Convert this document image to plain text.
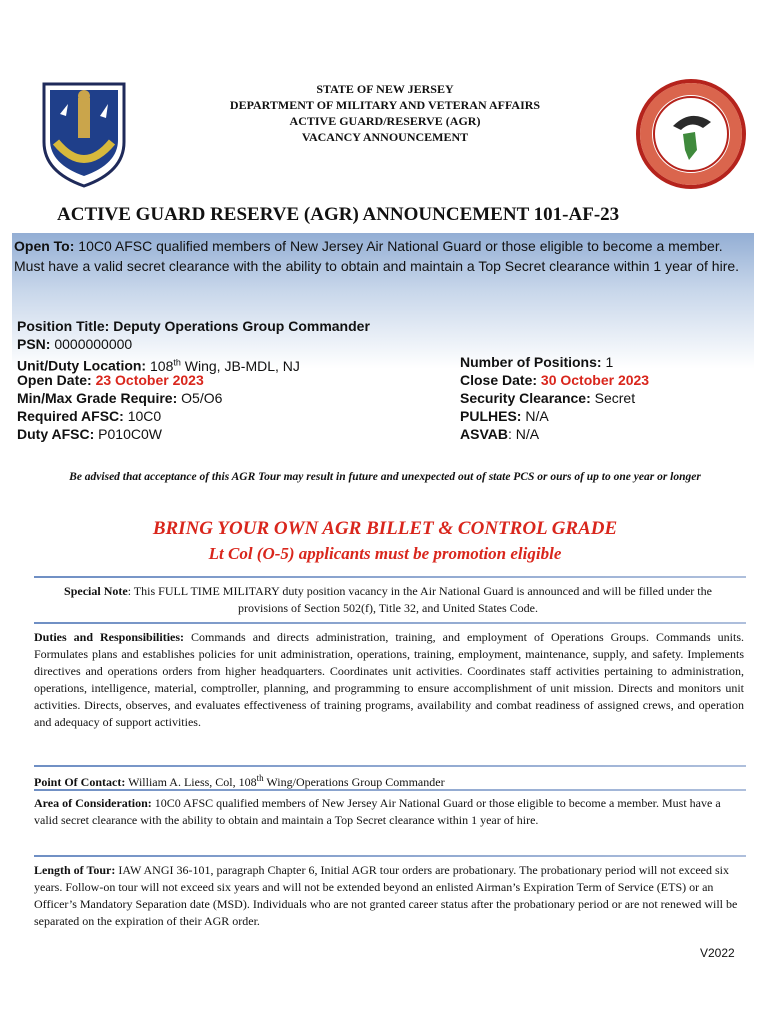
STATE OF NEW JERSEY
DEPARTMENT OF MILITARY AND VETERAN AFFAIRS
ACTIVE GUARD/RESERVE (AGR)
VACANCY ANNOUNCEMENT
ACTIVE GUARD RESERVE (AGR) ANNOUNCEMENT 101-AF-23
Open To: 10C0 AFSC qualified members of New Jersey Air National Guard or those eligible to become a member. Must have a valid secret clearance with the ability to obtain and maintain a Top Secret clearance within 1 year of hire.
Position Title: Deputy Operations Group Commander
PSN: 0000000000
Unit/Duty Location: 108th Wing, JB-MDL, NJ
Open Date: 23 October 2023
Min/Max Grade Require: O5/O6
Required AFSC: 10C0
Duty AFSC: P010C0W
Number of Positions: 1
Close Date: 30 October 2023
Security Clearance: Secret
PULHES: N/A
ASVAB: N/A
Be advised that acceptance of this AGR Tour may result in future and unexpected out of state PCS or ours of up to one year or longer
BRING YOUR OWN AGR BILLET & CONTROL GRADE
Lt Col (O-5) applicants must be promotion eligible
Special Note: This FULL TIME MILITARY duty position vacancy in the Air National Guard is announced and will be filled under the provisions of Section 502(f), Title 32, and United States Code.
Duties and Responsibilities: Commands and directs administration, training, and employment of Operations Groups. Commands units. Formulates plans and establishes policies for unit administration, operations, training, employment, maintenance, supply, and safety. Implements directives and operations orders from higher headquarters. Coordinates unit activities. Coordinates staff activities pertaining to administration, operations, intelligence, material, comptroller, planning, and programming to ensure accomplishment of unit mission. Directs and monitors unit activities. Directs, observes, and evaluates effectiveness of training programs, availability and combat readiness of assigned crews, and operation and adequacy of support activities.
Point Of Contact: William A. Liess, Col, 108th Wing/Operations Group Commander
Area of Consideration: 10C0 AFSC qualified members of New Jersey Air National Guard or those eligible to become a member. Must have a valid secret clearance with the ability to obtain and maintain a Top Secret clearance within 1 year of hire.
Length of Tour: IAW ANGI 36-101, paragraph Chapter 6, Initial AGR tour orders are probationary. The probationary period will not exceed six years. Follow-on tour will not exceed six years and will not be extended beyond an enlisted Airman’s Expiration Term of Service (ETS) or an Officer’s Mandatory Separation date (MSD). Individuals who are not granted career status after the probationary period or are not renewed will be separated on the expiration of their AGR order.
V2022
